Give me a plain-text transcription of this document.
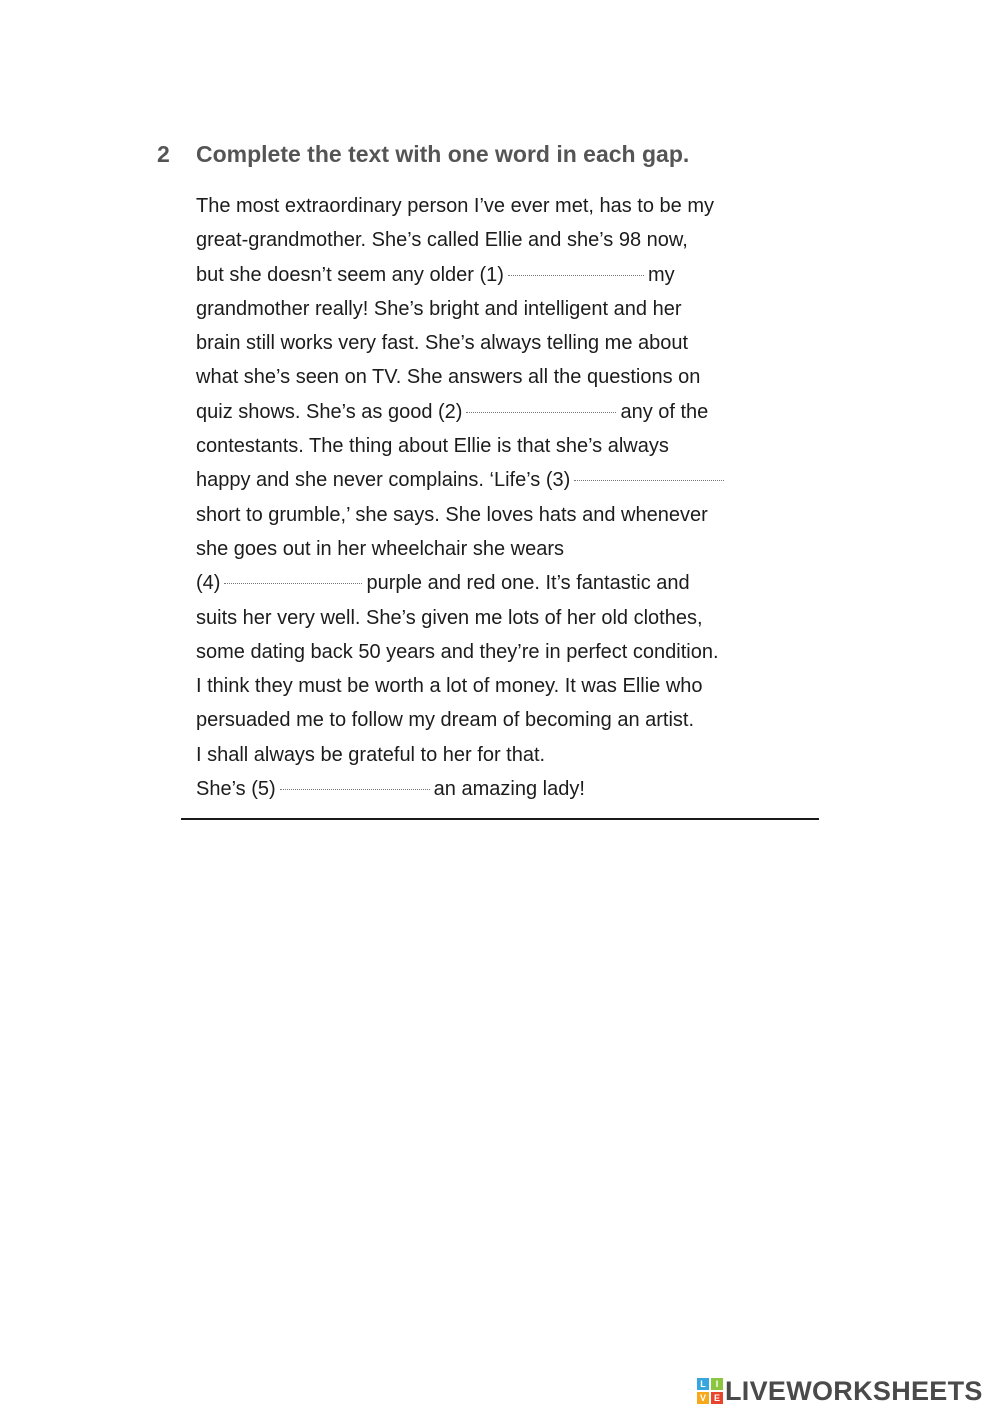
2 Complete the text with one word in each gap.
The most extraordinary person I’ve ever met, has to be my
great-grandmother. She’s called Ellie and she’s 98 now,
but she doesn’t seem any older (1)	my
grandmother really! She’s bright and intelligent and her
brain still works very fast. She’s always telling me about
what she’s seen on TV. She answers all the questions on
quiz shows. She’s as good (2)	any of the
contestants. The thing about Ellie is that she’s always
happy and she never complains. ‘Life’s (3)
short to grumble,’ she says. She loves hats and whenever
she goes out in her wheelchair she wears
(4)	purple and red one. It’s fantastic and
suits her very well. She’s given me lots of her old clothes,
some dating back 50 years and they’re in perfect condition.
I think they must be worth a lot of money. It was Ellie who
persuaded me to follow my dream of becoming an artist.
I shall always be grateful to her for that.
She’s (5)	an amazing lady!
L	I
V E LIVEWORKSHEETS
